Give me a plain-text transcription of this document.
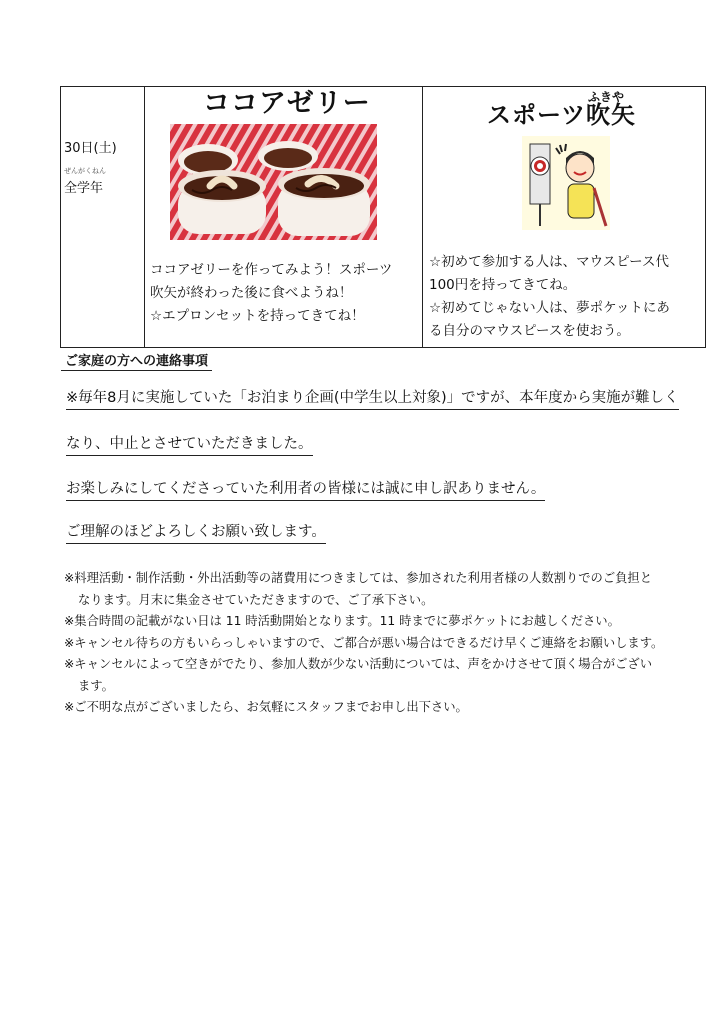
30日(土)
ぜんがくねん
全学年
ココアゼリー
ココアゼリーを作ってみよう！スポーツ
吹矢が終わった後に食べようね！
☆エプロンセットを持ってきてね！
ふきや
スポーツ吹矢
☆初めて参加する人は、マウスピース代
100円を持ってきてね。
☆初めてじゃない人は、夢ポケットにあ
る自分のマウスピースを使おう。
ご家庭の方への連絡事項
※毎年8月に実施していた「お泊まり企画(中学生以上対象)」ですが、本年度から実施が難しく
なり、中止とさせていただきました。
お楽しみにしてくださっていた利用者の皆様には誠に申し訳ありません。
ご理解のほどよろしくお願い致します。

※料理活動・制作活動・外出活動等の諸費用につきましては、参加された利用者様の人数割りでのご負担と
なります。月末に集金させていただきますので、ご了承下さい。

※集合時間の記載がない日は 11 時活動開始となります。11 時までに夢ポケットにお越しください。

※キャンセル待ちの方もいらっしゃいますので、ご都合が悪い場合はできるだけ早くご連絡をお願いします。

※キャンセルによって空きがでたり、参加人数が少ない活動については、声をかけさせて頂く場合がござい
ます。

※ご不明な点がございましたら、お気軽にスタッフまでお申し出下さい。
